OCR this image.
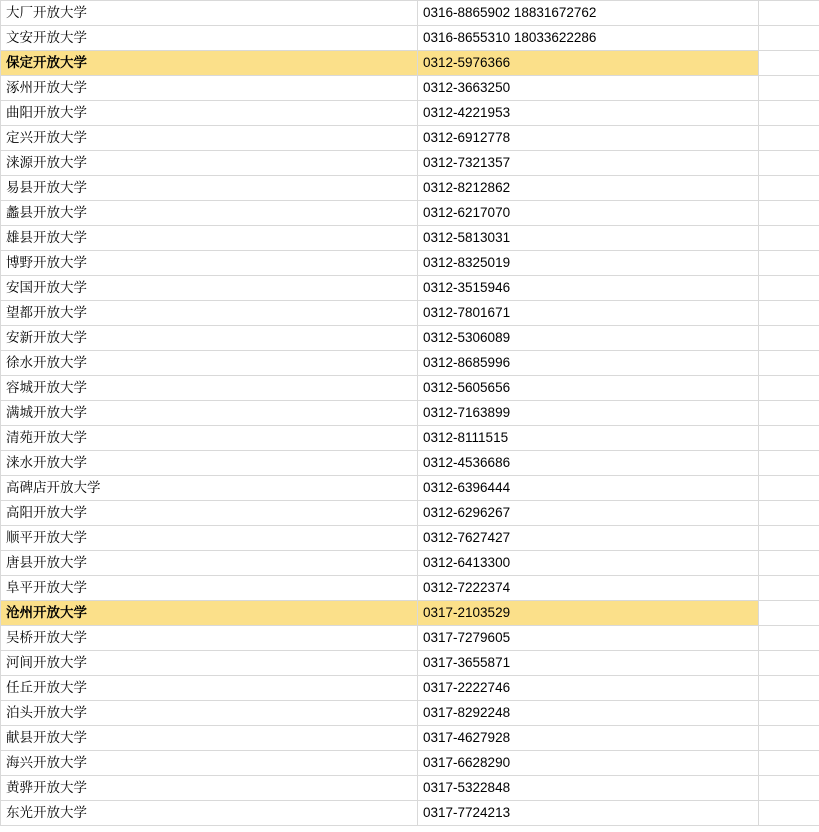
大厂开放大学	0316-8865902 18831672762	
文安开放大学	0316-8655310 18033622286	
保定开放大学	0312-5976366	
涿州开放大学	0312-3663250	
曲阳开放大学	0312-4221953	
定兴开放大学	0312-6912778	
涞源开放大学	0312-7321357	
易县开放大学	0312-8212862	
蠡县开放大学	0312-6217070	
雄县开放大学	0312-5813031	
博野开放大学	0312-8325019	
安国开放大学	0312-3515946	
望都开放大学	0312-7801671	
安新开放大学	0312-5306089	
徐水开放大学	0312-8685996	
容城开放大学	0312-5605656	
满城开放大学	0312-7163899	
清苑开放大学	0312-8111515	
涞水开放大学	0312-4536686	
高碑店开放大学	0312-6396444	
高阳开放大学	0312-6296267	
顺平开放大学	0312-7627427	
唐县开放大学	0312-6413300	
阜平开放大学	0312-7222374	
沧州开放大学	0317-2103529	
吴桥开放大学	0317-7279605	
河间开放大学	0317-3655871	
任丘开放大学	0317-2222746	
泊头开放大学	0317-8292248	
献县开放大学	0317-4627928	
海兴开放大学	0317-6628290	
黄骅开放大学	0317-5322848	
东光开放大学	0317-7724213	
